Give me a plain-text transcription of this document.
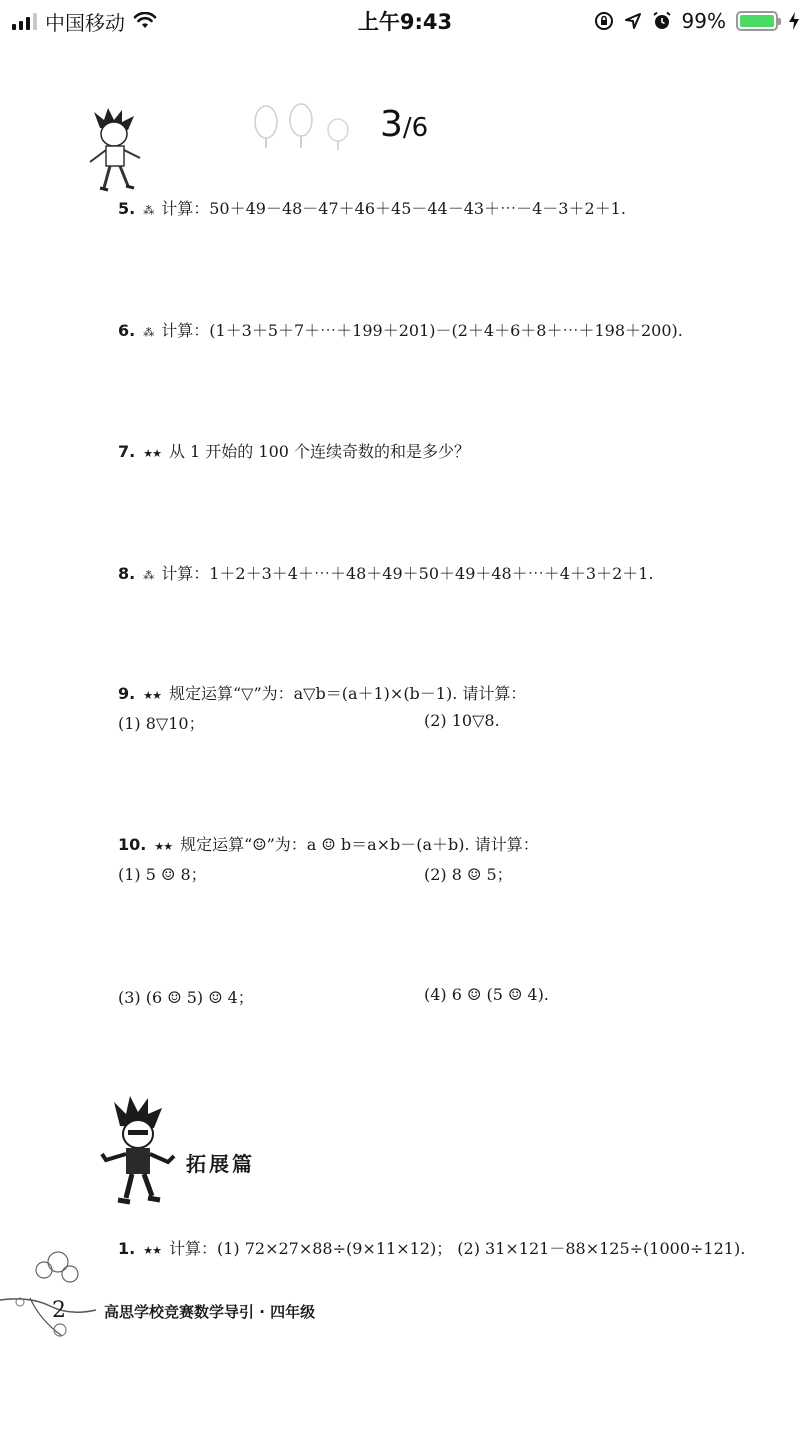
中国移动	上午9:43	99%
3/6
5. ⁂ 计算：50＋49－48－47＋46＋45－44－43＋⋯－4－3＋2＋1.
6. ⁂ 计算：(1＋3＋5＋7＋⋯＋199＋201)－(2＋4＋6＋8＋⋯＋198＋200).
7. ★★ 从 1 开始的 100 个连续奇数的和是多少？
8. ⁂ 计算：1＋2＋3＋4＋⋯＋48＋49＋50＋49＋48＋⋯＋4＋3＋2＋1.
9. ★★ 规定运算“▽”为：a▽b＝(a＋1)×(b－1). 请计算：
(1) 8▽10；	(2) 10▽8.
10. ★★ 规定运算“☺”为：a ☺ b＝a×b－(a＋b). 请计算：
(1) 5 ☺ 8；	(2) 8 ☺ 5；
(3) (6 ☺ 5) ☺ 4；	(4) 6 ☺ (5 ☺ 4).
拓展篇
1. ★★ 计算：(1) 72×27×88÷(9×11×12)； (2) 31×121－88×125÷(1000÷121).
2	高思学校竞赛数学导引 · 四年级
